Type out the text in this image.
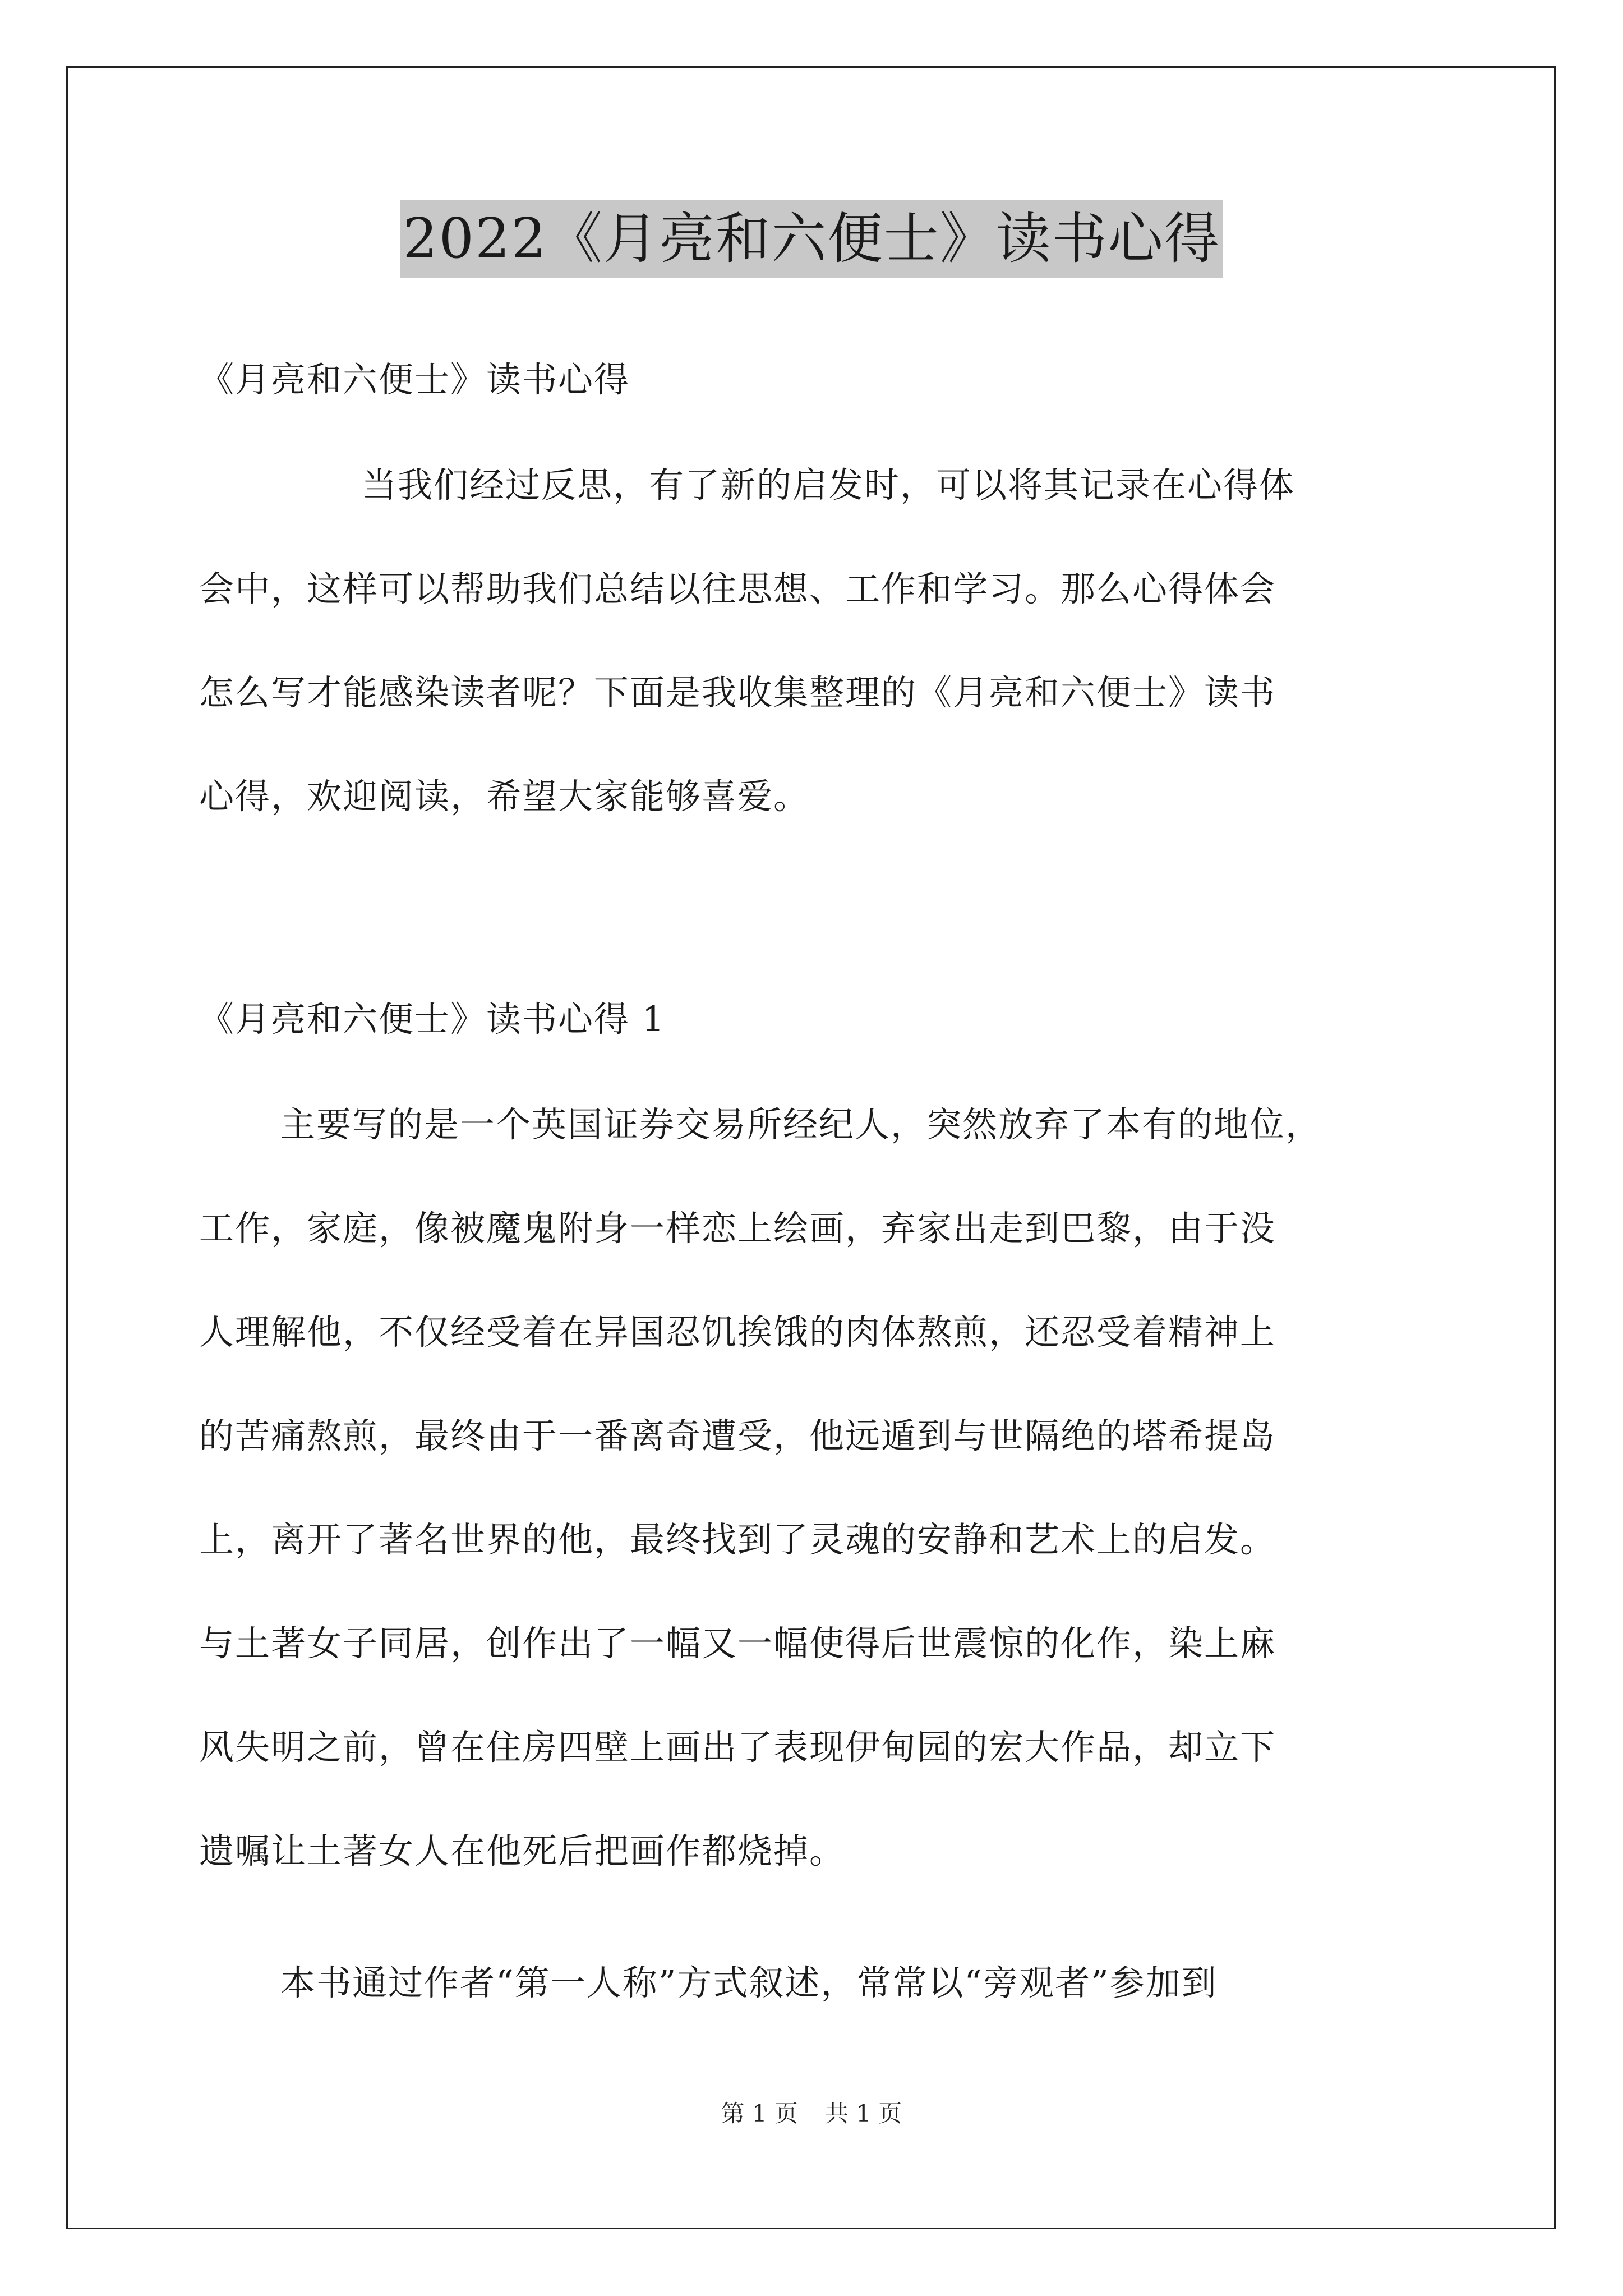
2022《月亮和六便士》读书心得
《月亮和六便士》读书心得
当我们经过反思，有了新的启发时，可以将其记录在心得体
会中，这样可以帮助我们总结以往思想、工作和学习。那么心得体会
怎么写才能感染读者呢？下面是我收集整理的《月亮和六便士》读书
心得，欢迎阅读，希望大家能够喜爱。
《月亮和六便士》读书心得 1
主要写的是一个英国证券交易所经纪人，突然放弃了本有的地位，
工作，家庭，像被魔鬼附身一样恋上绘画，弃家出走到巴黎，由于没
人理解他，不仅经受着在异国忍饥挨饿的肉体熬煎，还忍受着精神上
的苦痛熬煎，最终由于一番离奇遭受，他远遁到与世隔绝的塔希提岛
上，离开了著名世界的他，最终找到了灵魂的安静和艺术上的启发。
与土著女子同居，创作出了一幅又一幅使得后世震惊的化作，染上麻
风失明之前，曾在住房四壁上画出了表现伊甸园的宏大作品，却立下
遗嘱让土著女人在他死后把画作都烧掉。
本书通过作者“第一人称”方式叙述，常常以“旁观者”参加到
第 1 页 共 1 页
